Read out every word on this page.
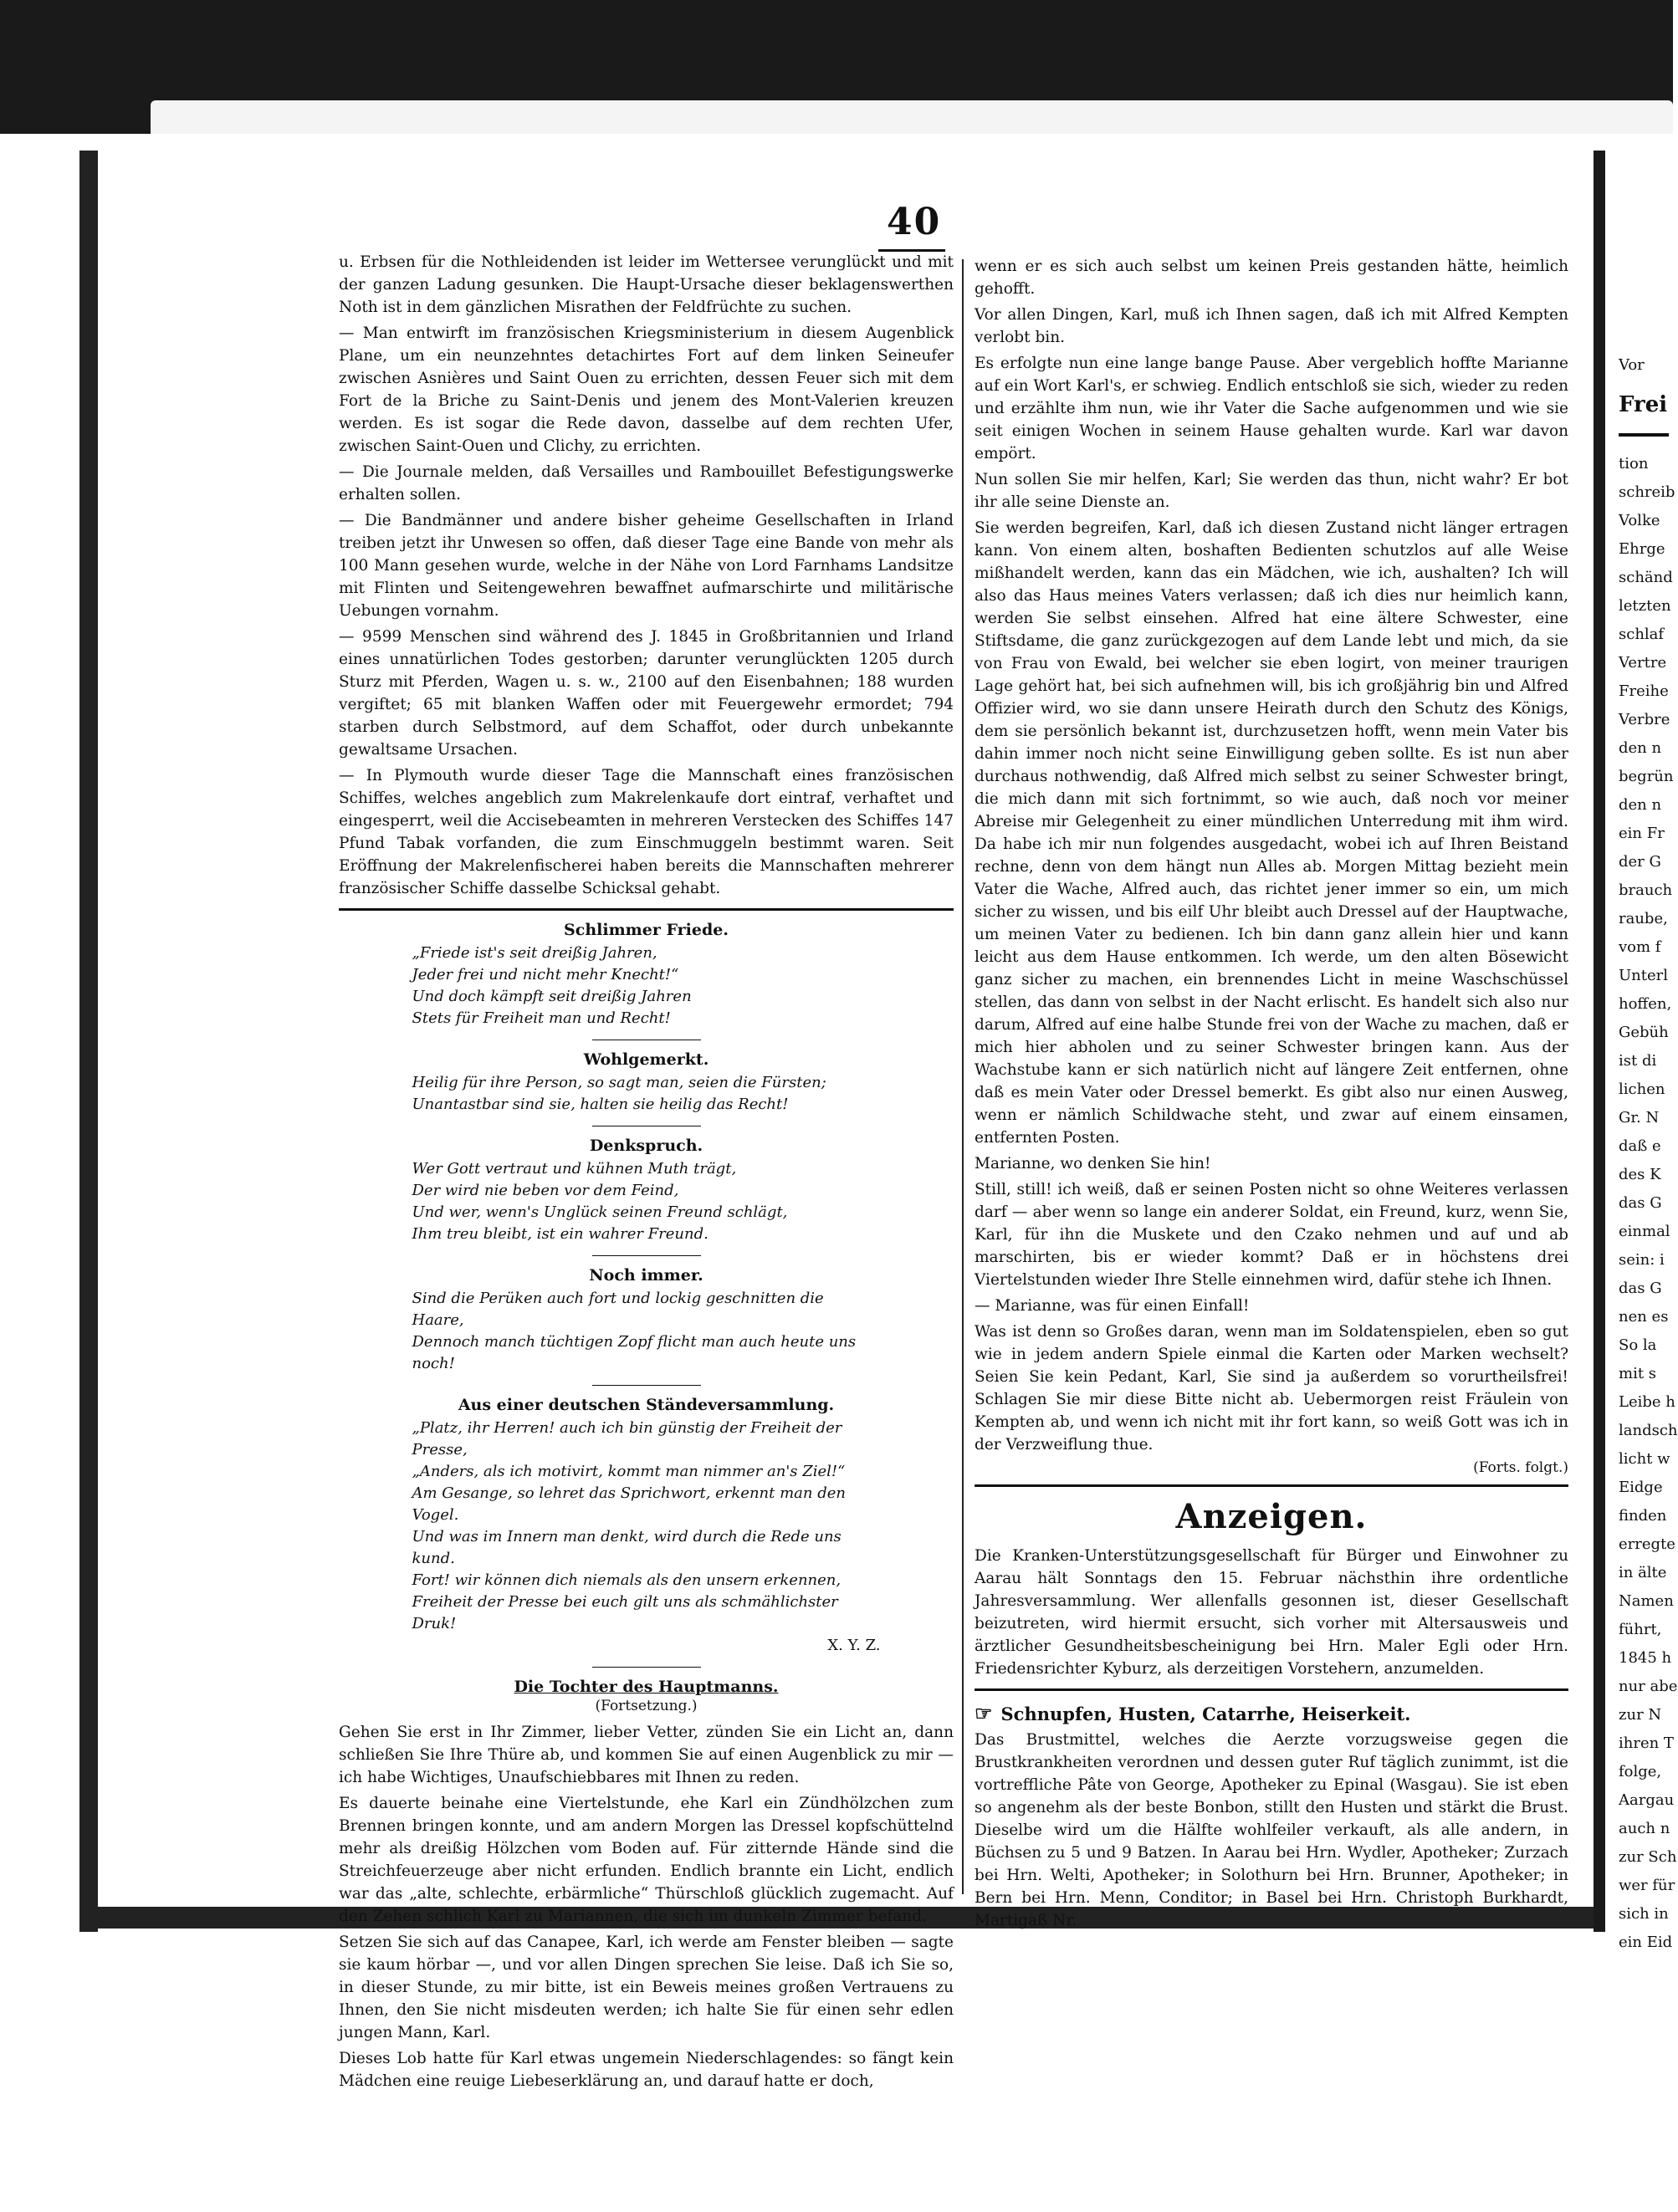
40

u. Erbsen für die Nothleidenden ist leider im Wettersee verunglückt und mit der ganzen Ladung gesunken. Die Haupt-Ursache dieser beklagenswerthen Noth ist in dem gänzlichen Misrathen der Feldfrüchte zu suchen.

— Man entwirft im französischen Kriegsministerium in diesem Augenblick Plane, um ein neunzehntes detachirtes Fort auf dem linken Seineufer zwischen Asnières und Saint Ouen zu errichten, dessen Feuer sich mit dem Fort de la Briche zu Saint-Denis und jenem des Mont-Valerien kreuzen werden. Es ist sogar die Rede davon, dasselbe auf dem rechten Ufer, zwischen Saint-Ouen und Clichy, zu errichten.

— Die Journale melden, daß Versailles und Rambouillet Befestigungswerke erhalten sollen.

— Die Bandmänner und andere bisher geheime Gesellschaften in Irland treiben jetzt ihr Unwesen so offen, daß dieser Tage eine Bande von mehr als 100 Mann gesehen wurde, welche in der Nähe von Lord Farnhams Landsitze mit Flinten und Seitengewehren bewaffnet aufmarschirte und militärische Uebungen vornahm.

— 9599 Menschen sind während des J. 1845 in Großbritannien und Irland eines unnatürlichen Todes gestorben; darunter verunglückten 1205 durch Sturz mit Pferden, Wagen u. s. w., 2100 auf den Eisenbahnen; 188 wurden vergiftet; 65 mit blanken Waffen oder mit Feuergewehr ermordet; 794 starben durch Selbstmord, auf dem Schaffot, oder durch unbekannte gewaltsame Ursachen.

— In Plymouth wurde dieser Tage die Mannschaft eines französischen Schiffes, welches angeblich zum Makrelenkaufe dort eintraf, verhaftet und eingesperrt, weil die Accisebeamten in mehreren Verstecken des Schiffes 147 Pfund Tabak vorfanden, die zum Einschmuggeln bestimmt waren. Seit Eröffnung der Makrelenfischerei haben bereits die Mannschaften mehrerer französischer Schiffe dasselbe Schicksal gehabt.

Schlimmer Friede.
„Friede ist's seit dreißig Jahren,
Jeder frei und nicht mehr Knecht!“
Und doch kämpft seit dreißig Jahren
Stets für Freiheit man und Recht!
Wohlgemerkt.
Heilig für ihre Person, so sagt man, seien die Fürsten;
Unantastbar sind sie, halten sie heilig das Recht!
Denkspruch.
Wer Gott vertraut und kühnen Muth trägt,
Der wird nie beben vor dem Feind,
Und wer, wenn's Unglück seinen Freund schlägt,
Ihm treu bleibt, ist ein wahrer Freund.
Noch immer.
Sind die Perüken auch fort und lockig geschnitten die Haare,
Dennoch manch tüchtigen Zopf flicht man auch heute uns noch!
Aus einer deutschen Ständeversammlung.
„Platz, ihr Herren! auch ich bin günstig der Freiheit der Presse,
„Anders, als ich motivirt, kommt man nimmer an's Ziel!“
Am Gesange, so lehret das Sprichwort, erkennt man den Vogel.
Und was im Innern man denkt, wird durch die Rede uns kund.
Fort! wir können dich niemals als den unsern erkennen,
Freiheit der Presse bei euch gilt uns als schmählichster Druk!
X. Y. Z.
Die Tochter des Hauptmanns.
(Fortsetzung.)

Gehen Sie erst in Ihr Zimmer, lieber Vetter, zünden Sie ein Licht an, dann schließen Sie Ihre Thüre ab, und kommen Sie auf einen Augenblick zu mir — ich habe Wichtiges, Unaufschiebbares mit Ihnen zu reden.

Es dauerte beinahe eine Viertelstunde, ehe Karl ein Zündhölzchen zum Brennen bringen konnte, und am andern Morgen las Dressel kopfschüttelnd mehr als dreißig Hölzchen vom Boden auf. Für zitternde Hände sind die Streichfeuerzeuge aber nicht erfunden. Endlich brannte ein Licht, endlich war das „alte, schlechte, erbärmliche“ Thürschloß glücklich zugemacht. Auf den Zehen schlich Karl zu Mariannen, die sich im dunkeln Zimmer befand.

Setzen Sie sich auf das Canapee, Karl, ich werde am Fenster bleiben — sagte sie kaum hörbar —, und vor allen Dingen sprechen Sie leise. Daß ich Sie so, in dieser Stunde, zu mir bitte, ist ein Beweis meines großen Vertrauens zu Ihnen, den Sie nicht misdeuten werden; ich halte Sie für einen sehr edlen jungen Mann, Karl.

Dieses Lob hatte für Karl etwas ungemein Niederschlagendes: so fängt kein Mädchen eine reuige Liebeserklärung an, und darauf hatte er doch,

wenn er es sich auch selbst um keinen Preis gestanden hätte, heimlich gehofft.

Vor allen Dingen, Karl, muß ich Ihnen sagen, daß ich mit Alfred Kempten verlobt bin.

Es erfolgte nun eine lange bange Pause. Aber vergeblich hoffte Marianne auf ein Wort Karl's, er schwieg. Endlich entschloß sie sich, wieder zu reden und erzählte ihm nun, wie ihr Vater die Sache aufgenommen und wie sie seit einigen Wochen in seinem Hause gehalten wurde. Karl war davon empört.

Nun sollen Sie mir helfen, Karl; Sie werden das thun, nicht wahr? Er bot ihr alle seine Dienste an.

Sie werden begreifen, Karl, daß ich diesen Zustand nicht länger ertragen kann. Von einem alten, boshaften Bedienten schutzlos auf alle Weise mißhandelt werden, kann das ein Mädchen, wie ich, aushalten? Ich will also das Haus meines Vaters verlassen; daß ich dies nur heimlich kann, werden Sie selbst einsehen. Alfred hat eine ältere Schwester, eine Stiftsdame, die ganz zurückgezogen auf dem Lande lebt und mich, da sie von Frau von Ewald, bei welcher sie eben logirt, von meiner traurigen Lage gehört hat, bei sich aufnehmen will, bis ich großjährig bin und Alfred Offizier wird, wo sie dann unsere Heirath durch den Schutz des Königs, dem sie persönlich bekannt ist, durchzusetzen hofft, wenn mein Vater bis dahin immer noch nicht seine Einwilligung geben sollte. Es ist nun aber durchaus nothwendig, daß Alfred mich selbst zu seiner Schwester bringt, die mich dann mit sich fortnimmt, so wie auch, daß noch vor meiner Abreise mir Gelegenheit zu einer mündlichen Unterredung mit ihm wird. Da habe ich mir nun folgendes ausgedacht, wobei ich auf Ihren Beistand rechne, denn von dem hängt nun Alles ab. Morgen Mittag bezieht mein Vater die Wache, Alfred auch, das richtet jener immer so ein, um mich sicher zu wissen, und bis eilf Uhr bleibt auch Dressel auf der Hauptwache, um meinen Vater zu bedienen. Ich bin dann ganz allein hier und kann leicht aus dem Hause entkommen. Ich werde, um den alten Bösewicht ganz sicher zu machen, ein brennendes Licht in meine Waschschüssel stellen, das dann von selbst in der Nacht erlischt. Es handelt sich also nur darum, Alfred auf eine halbe Stunde frei von der Wache zu machen, daß er mich hier abholen und zu seiner Schwester bringen kann. Aus der Wachstube kann er sich natürlich nicht auf längere Zeit entfernen, ohne daß es mein Vater oder Dressel bemerkt. Es gibt also nur einen Ausweg, wenn er nämlich Schildwache steht, und zwar auf einem einsamen, entfernten Posten.

Marianne, wo denken Sie hin!

Still, still! ich weiß, daß er seinen Posten nicht so ohne Weiteres verlassen darf — aber wenn so lange ein anderer Soldat, ein Freund, kurz, wenn Sie, Karl, für ihn die Muskete und den Czako nehmen und auf und ab marschirten, bis er wieder kommt? Daß er in höchstens drei Viertelstunden wieder Ihre Stelle einnehmen wird, dafür stehe ich Ihnen.

— Marianne, was für einen Einfall!

Was ist denn so Großes daran, wenn man im Soldatenspielen, eben so gut wie in jedem andern Spiele einmal die Karten oder Marken wechselt? Seien Sie kein Pedant, Karl, Sie sind ja außerdem so vorurtheilsfrei! Schlagen Sie mir diese Bitte nicht ab. Uebermorgen reist Fräulein von Kempten ab, und wenn ich nicht mit ihr fort kann, so weiß Gott was ich in der Verzweiflung thue.

(Forts. folgt.)
Anzeigen.

Die Kranken-Unterstützungsgesellschaft für Bürger und Einwohner zu Aarau hält Sonntags den 15. Februar nächsthin ihre ordentliche Jahresversammlung. Wer allenfalls gesonnen ist, dieser Gesellschaft beizutreten, wird hiermit ersucht, sich vorher mit Altersausweis und ärztlicher Gesundheitsbescheinigung bei Hrn. Maler Egli oder Hrn. Friedensrichter Kyburz, als derzeitigen Vorstehern, anzumelden.

☞ Schnupfen, Husten, Catarrhe, Heiserkeit.

Das Brustmittel, welches die Aerzte vorzugsweise gegen die Brustkrankheiten verordnen und dessen guter Ruf täglich zunimmt, ist die vortreffliche Pâte von George, Apotheker zu Epinal (Wasgau). Sie ist eben so angenehm als der beste Bonbon, stillt den Husten und stärkt die Brust. Dieselbe wird um die Hälfte wohlfeiler verkauft, als alle andern, in Büchsen zu 5 und 9 Batzen. In Aarau bei Hrn. Wydler, Apotheker; Zurzach bei Hrn. Welti, Apotheker; in Solothurn bei Hrn. Brunner, Apotheker; in Bern bei Hrn. Menn, Conditor; in Basel bei Hrn. Christoph Burkhardt, Martigaß Nr.

Vor
Frei
tion
schreib
Volke
Ehrge
schänd
letzten
schlaf
Vertre
Freihe
Verbre
den n
begrün
den n
ein Fr
der G
brauch
raube,
vom f
Unterl
hoffen,
Gebüh
ist di
lichen
Gr. N
daß e
des K
das G
einmal
sein: i
das G
nen es
So la
mit s
Leibe h
landsch
licht w
Eidge
finden
erregte
in älte
Namen
führt,
1845 h
nur abe
zur N
ihren T
folge,
Aargau
auch n
zur Sch
wer für
sich in
ein Eid
